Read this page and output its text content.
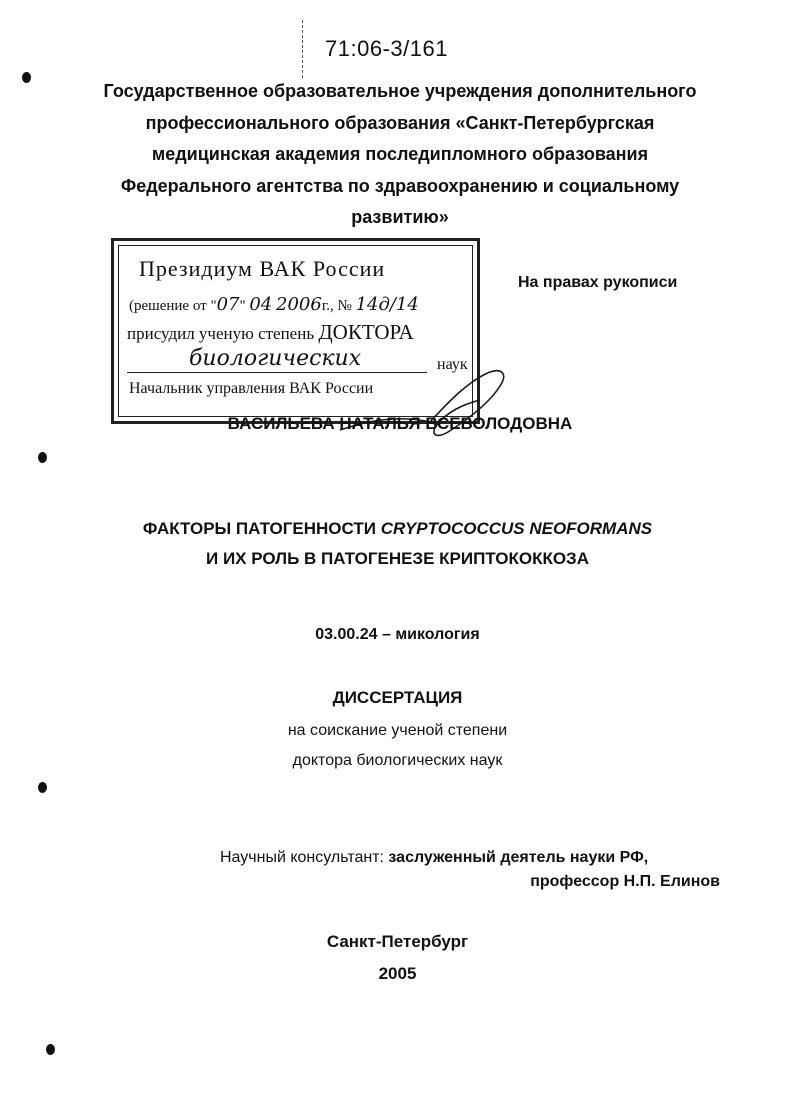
71:06-3/161
Государственное образовательное учреждения дополнительного
профессионального образования «Санкт-Петербургская
медицинская академия последипломного образования
Федерального агентства по здравоохранению и социальному
развитию»
Президиум ВАК России
(решение от "07" 04 2006г., № 14д/14
присудил ученую степень ДОКТОРА
биологических	наук
Начальник управления ВАК России
На правах рукописи
ВАСИЛЬЕВА НАТАЛЬЯ ВСЕВОЛОДОВНА
ФАКТОРЫ ПАТОГЕННОСТИ CRYPTOCOCCUS NEOFORMANS
И ИХ РОЛЬ В ПАТОГЕНЕЗЕ КРИПТОКОККОЗА
03.00.24 – микология
ДИССЕРТАЦИЯ
на соискание ученой степени
доктора биологических наук
Научный консультант: заслуженный деятель науки РФ,
профессор Н.П. Елинов
Санкт-Петербург
2005
